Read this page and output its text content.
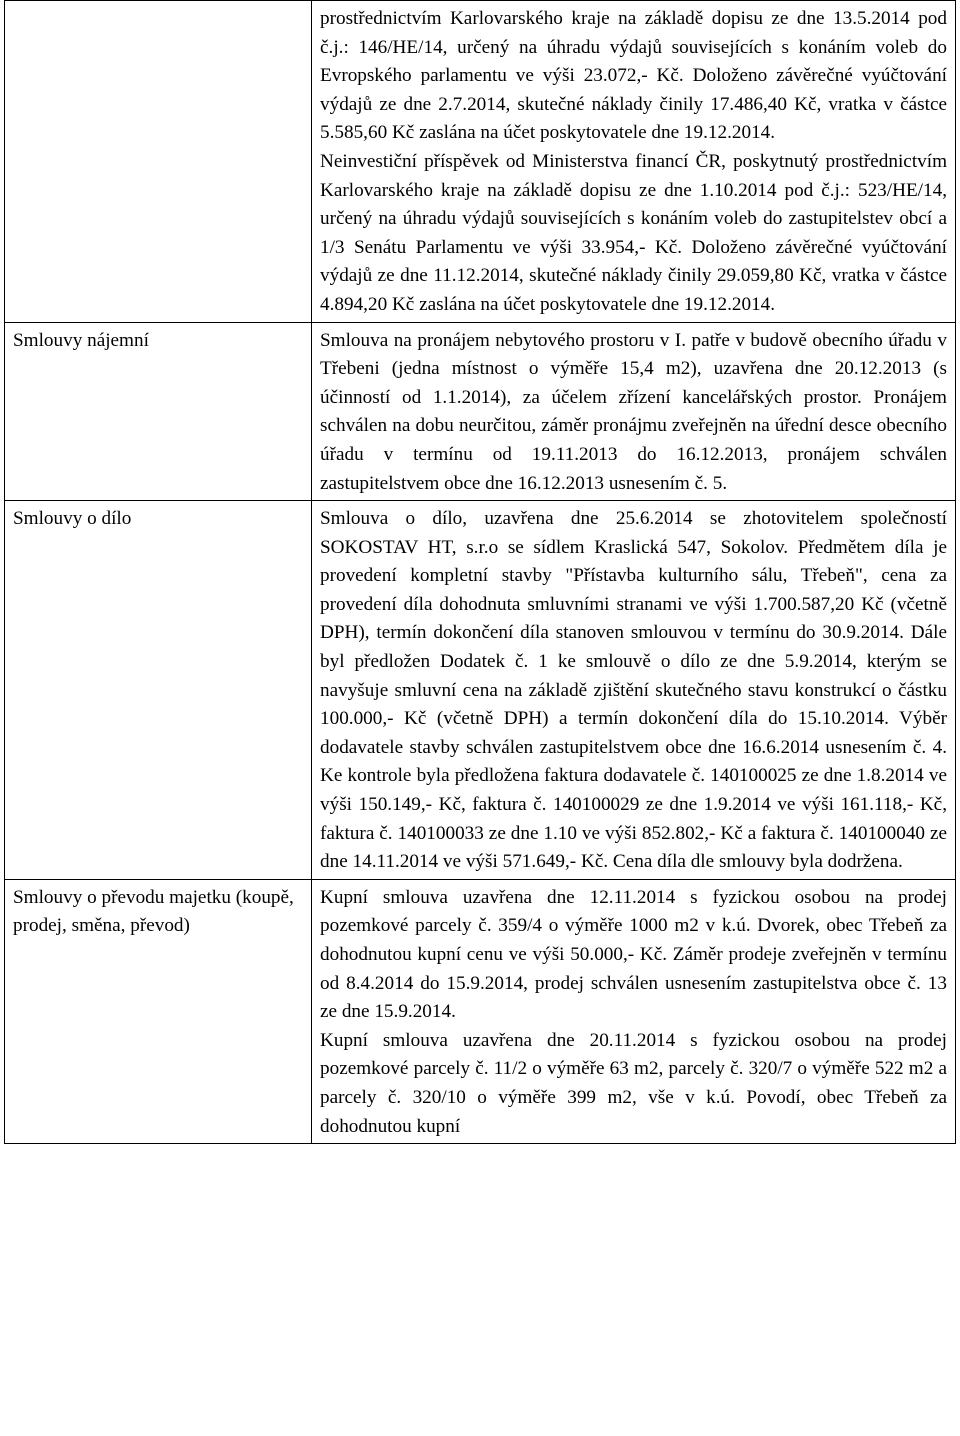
	prostřednictvím Karlovarského kraje na základě dopisu ze dne 13.5.2014 pod č.j.: 146/HE/14, určený na úhradu výdajů souvisejících s konáním voleb do Evropského parlamentu ve výši 23.072,- Kč. Doloženo závěrečné vyúčtování výdajů ze dne 2.7.2014, skutečné náklady činily 17.486,40 Kč, vratka v částce 5.585,60 Kč zaslána na účet poskytovatele dne 19.12.2014.

Neinvestiční příspěvek od Ministerstva financí ČR, poskytnutý prostřednictvím Karlovarského kraje na základě dopisu ze dne 1.10.2014 pod č.j.: 523/HE/14, určený na úhradu výdajů souvisejících s konáním voleb do zastupitelstev obcí a 1/3 Senátu Parlamentu ve výši 33.954,- Kč. Doloženo závěrečné vyúčtování výdajů ze dne 11.12.2014, skutečné náklady činily 29.059,80 Kč, vratka v částce 4.894,20 Kč zaslána na účet poskytovatele dne 19.12.2014.

Smlouvy nájemní	Smlouva na pronájem nebytového prostoru v I. patře v budově obecního úřadu v Třebeni (jedna místnost o výměře 15,4 m2), uzavřena dne 20.12.2013 (s účinností od 1.1.2014), za účelem zřízení kancelářských prostor. Pronájem schválen na dobu neurčitou, záměr pronájmu zveřejněn na úřední desce obecního úřadu v termínu od 19.11.2013 do 16.12.2013, pronájem schválen zastupitelstvem obce dne 16.12.2013 usnesením č. 5.

Smlouvy o dílo	Smlouva o dílo, uzavřena dne 25.6.2014 se zhotovitelem společností SOKOSTAV HT, s.r.o se sídlem Kraslická 547, Sokolov. Předmětem díla je provedení kompletní stavby "Přístavba kulturního sálu, Třebeň", cena za provedení díla dohodnuta smluvními stranami ve výši 1.700.587,20 Kč (včetně DPH), termín dokončení díla stanoven smlouvou v termínu do 30.9.2014. Dále byl předložen Dodatek č. 1 ke smlouvě o dílo ze dne 5.9.2014, kterým se navyšuje smluvní cena na základě zjištění skutečného stavu konstrukcí o částku 100.000,- Kč (včetně DPH) a termín dokončení díla do 15.10.2014. Výběr dodavatele stavby schválen zastupitelstvem obce dne 16.6.2014 usnesením č. 4. Ke kontrole byla předložena faktura dodavatele č. 140100025 ze dne 1.8.2014 ve výši 150.149,- Kč, faktura č. 140100029 ze dne 1.9.2014 ve výši 161.118,- Kč, faktura č. 140100033 ze dne 1.10 ve výši 852.802,- Kč a faktura č. 140100040 ze dne 14.11.2014 ve výši 571.649,- Kč. Cena díla dle smlouvy byla dodržena.

Smlouvy o převodu majetku (koupě, prodej, směna, převod)	Kupní smlouva uzavřena dne 12.11.2014 s fyzickou osobou na prodej pozemkové parcely č. 359/4 o výměře 1000 m2 v k.ú. Dvorek, obec Třebeň za dohodnutou kupní cenu ve výši 50.000,- Kč. Záměr prodeje zveřejněn v termínu od 8.4.2014 do 15.9.2014, prodej schválen usnesením zastupitelstva obce č. 13 ze dne 15.9.2014.

Kupní smlouva uzavřena dne 20.11.2014 s fyzickou osobou na prodej pozemkové parcely č. 11/2 o výměře 63 m2, parcely č. 320/7 o výměře 522 m2 a parcely č. 320/10 o výměře 399 m2, vše v k.ú. Povodí, obec Třebeň za dohodnutou kupní
